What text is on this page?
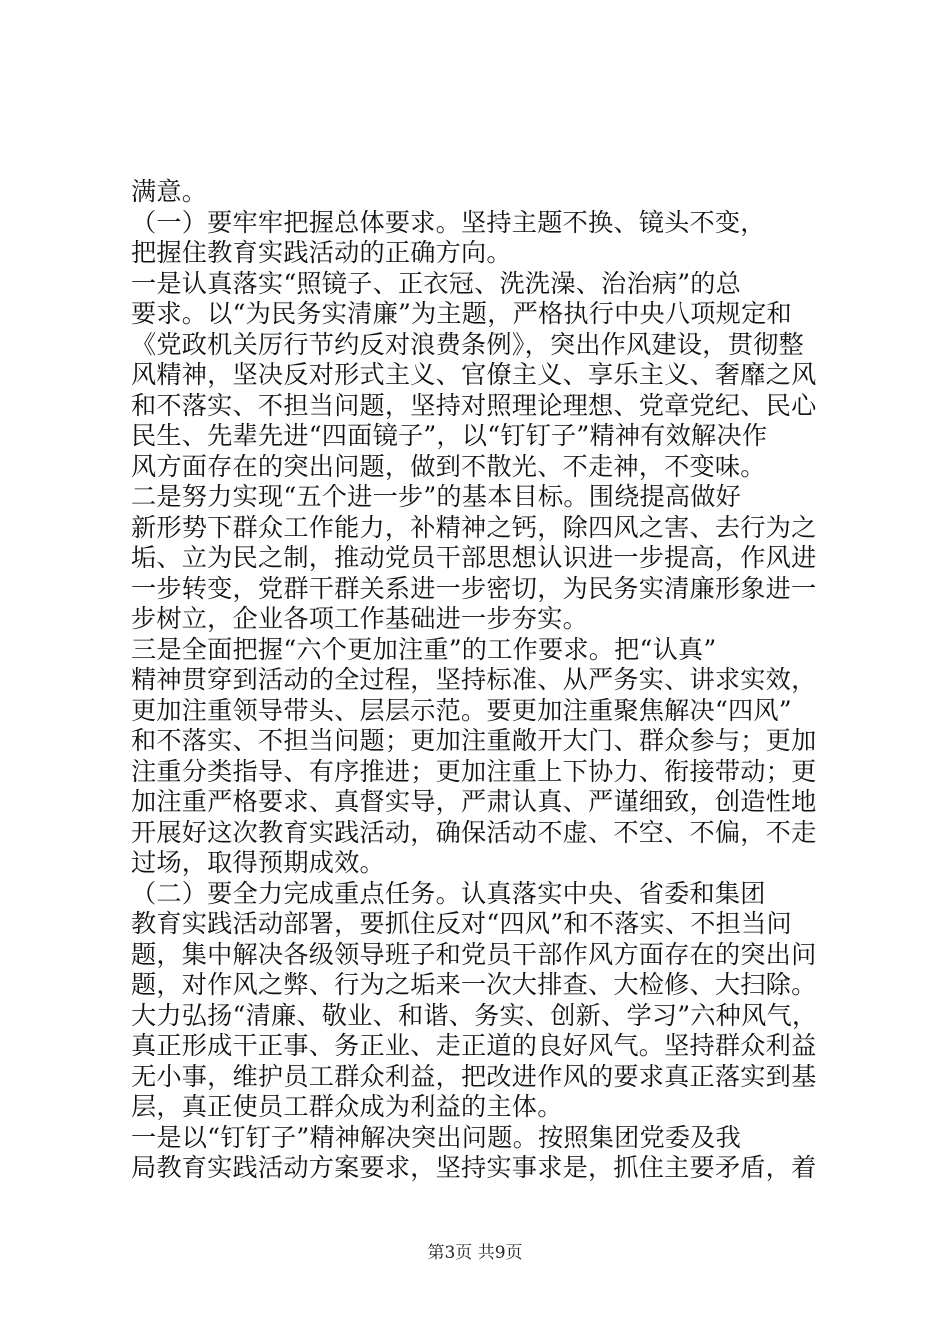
满意。
（一）要牢牢把握总体要求。坚持主题不换、镜头不变，
把握住教育实践活动的正确方向。
一是认真落实“照镜子、正衣冠、洗洗澡、治治病”的总
要求。以“为民务实清廉”为主题，严格执行中央八项规定和
《党政机关厉行节约反对浪费条例》，突出作风建设，贯彻整
风精神，坚决反对形式主义、官僚主义、享乐主义、奢靡之风
和不落实、不担当问题，坚持对照理论理想、党章党纪、民心
民生、先辈先进“四面镜子”，以“钉钉子”精神有效解决作
风方面存在的突出问题，做到不散光、不走神，不变味。
二是努力实现“五个进一步”的基本目标。围绕提高做好
新形势下群众工作能力，补精神之钙，除四风之害、去行为之
垢、立为民之制，推动党员干部思想认识进一步提高，作风进
一步转变，党群干群关系进一步密切，为民务实清廉形象进一
步树立，企业各项工作基础进一步夯实。
三是全面把握“六个更加注重”的工作要求。把“认真”
精神贯穿到活动的全过程，坚持标准、从严务实、讲求实效，
更加注重领导带头、层层示范。要更加注重聚焦解决“四风”
和不落实、不担当问题；更加注重敞开大门、群众参与；更加
注重分类指导、有序推进；更加注重上下协力、衔接带动；更
加注重严格要求、真督实导，严肃认真、严谨细致，创造性地
开展好这次教育实践活动，确保活动不虚、不空、不偏，不走
过场，取得预期成效。
（二）要全力完成重点任务。认真落实中央、省委和集团
教育实践活动部署，要抓住反对“四风”和不落实、不担当问
题，集中解决各级领导班子和党员干部作风方面存在的突出问
题，对作风之弊、行为之垢来一次大排查、大检修、大扫除。
大力弘扬“清廉、敬业、和谐、务实、创新、学习”六种风气，
真正形成干正事、务正业、走正道的良好风气。坚持群众利益
无小事，维护员工群众利益，把改进作风的要求真正落实到基
层，真正使员工群众成为利益的主体。
一是以“钉钉子”精神解决突出问题。按照集团党委及我
局教育实践活动方案要求，坚持实事求是，抓住主要矛盾，着
第3页 共9页
